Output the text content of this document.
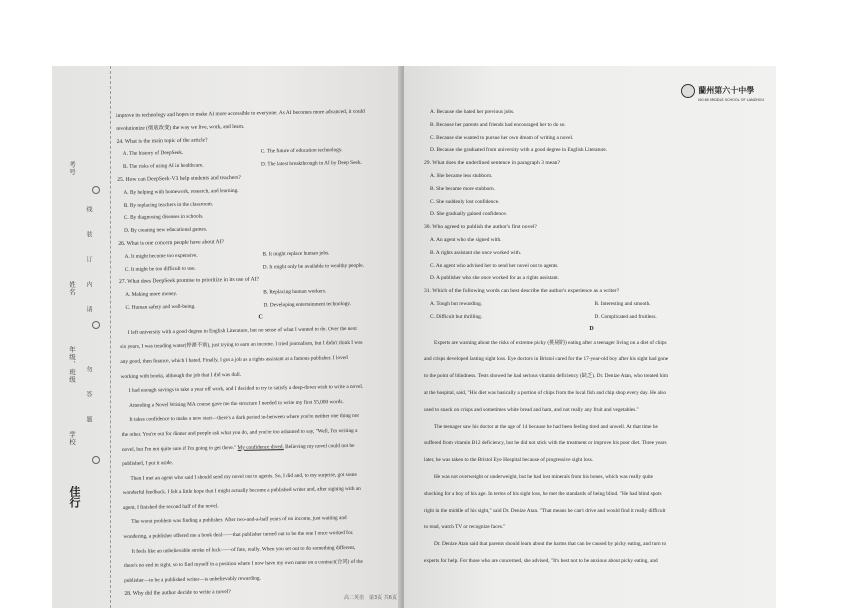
考号
姓名
年级、班级
学校
线
装
订
内
请
勿
答
题
佳行
improve its technology and hopes to make AI more accessible to everyone. As AI becomes more advanced, it could
revolutionize (彻底改变) the way we live, work, and learn.
24. What is the main topic of the article?
A. The history of DeepSeek.	C. The future of education technology.
B. The risks of using AI in healthcare.	D. The latest breakthrough in AI by Deep Seek.
25. How can DeepSeek-V3 help students and teachers?
A. By helping with homework, research, and learning.
B. By replacing teachers in the classroom.
C. By diagnosing diseases in schools.
D. By creating new educational games.
26. What is one concern people have about AI?
A. It might become too expensive.	B. It might replace human jobs.
C. It might be too difficult to use.	D. It might only be available to wealthy people.
27. What does DeepSeek promise to prioritize in its use of AI?
A. Making more money.	B. Replacing human workers.
C. Human safety and well-being.	D. Developing entertainment technology.
C
I left university with a good degree in English Literature, but no sense of what I wanted to do. Over the next
six years, I was treading water(停滞不前), just trying to earn an income. I tried journalism, but I didn't think I was
any good, then finance, which I hated. Finally, I got a job as a rights assistant at a famous publisher. I loved
working with books, although the job that I did was dull.
I had enough savings to take a year off work, and I decided to try to satisfy a deep-down wish to write a novel.
Attending a Novel Writing MA course gave me the structure I needed to write my first 55,000 words.
It takes confidence to make a new start—there's a dark period in-between where you're neither one thing nor
the other. You're out for dinner and people ask what you do, and you're too ashamed to say, "Well, I'm writing a
novel, but I'm not quite sure if I'm going to get there." My confidence dived. Believing my novel could not be
published, I put it aside.
Then I met an agent who said I should send my novel out to agents. So, I did and, to my surprise, got some
wonderful feedback. I felt a little hope that I might actually become a published writer and, after signing with an
agent, I finished the second half of the novel.
The worst problem was finding a publisher. After two-and-a-half years of no income, just waiting and
wondering, a publisher offered me a book deal——that publisher turned out to be the one I once worked for.
It feels like an unbelievable stroke of luck——of fate, really. When you set out to do something different,
there's no end in sight, so to find myself in a position where I now have my own name on a contract(合同) of the
publisher—to be a published writer—is unbelievably rewarding.
28. Why did the author decide to write a novel?
蘭州第六十中學
NO.60 MIDDLE SCHOOL OF LANZHOU
A. Because she hated her previous jobs.
B. Because her parents and friends had encouraged her to do so.
C. Because she wanted to pursue her own dream of writing a novel.
D. Because she graduated from university with a good degree in English Literature.
29. What does the underlined sentence in paragraph 3 mean?
A. She became less stubborn.
B. She became more stubborn.
C. She suddenly lost confidence.
D. She gradually gained confidence.
30. Who agreed to publish the author's first novel?
A. An agent who she signed with.
B. A rights assistant she once worked with.
C. An agent who advised her to send her novel out to agents.
D. A publisher who she once worked for as a rights assistant.
31. Which of the following words can best describe the author's experience as a writer?
A. Tough but rewarding.	B. Interesting and smooth.
C. Difficult but thrilling.	D. Complicated and fruitless.
D
Experts are warning about the risks of extreme picky (挑剔的) eating after a teenager living on a diet of chips
and crisps developed lasting sight loss. Eye doctors in Bristol cared for the 17-year-old boy after his sight had gone
to the point of blindness. Tests showed he had serious vitamin deficiency (缺乏). Dr. Denize Atan, who treated him
at the hospital, said, "His diet was basically a portion of chips from the local fish and chip shop every day. He also
used to snack on crisps and sometimes white bread and ham, and not really any fruit and vegetables."
The teenager saw his doctor at the age of 14 because he had been feeling tired and unwell. At that time he
suffered from vitamin B12 deficiency, but he did not stick with the treatment or improve his poor diet. Three years
later, he was taken to the Bristol Eye Hospital because of progressive sight loss.
He was not overweight or underweight, but he had lost minerals from his bones, which was really quite
shocking for a boy of his age. In terms of his sight loss, he met the standards of being blind. "He had blind spots
right in the middle of his sight," said Dr. Denize Atan. "That means he can't drive and would find it really difficult
to read, watch TV or recognize faces."
Dr. Denize Atan said that parents should learn about the harms that can be caused by picky eating, and turn to
experts for help. For those who are concerned, she advised, "It's best not to be anxious about picky eating, and
高二英语　第3页 共6页
